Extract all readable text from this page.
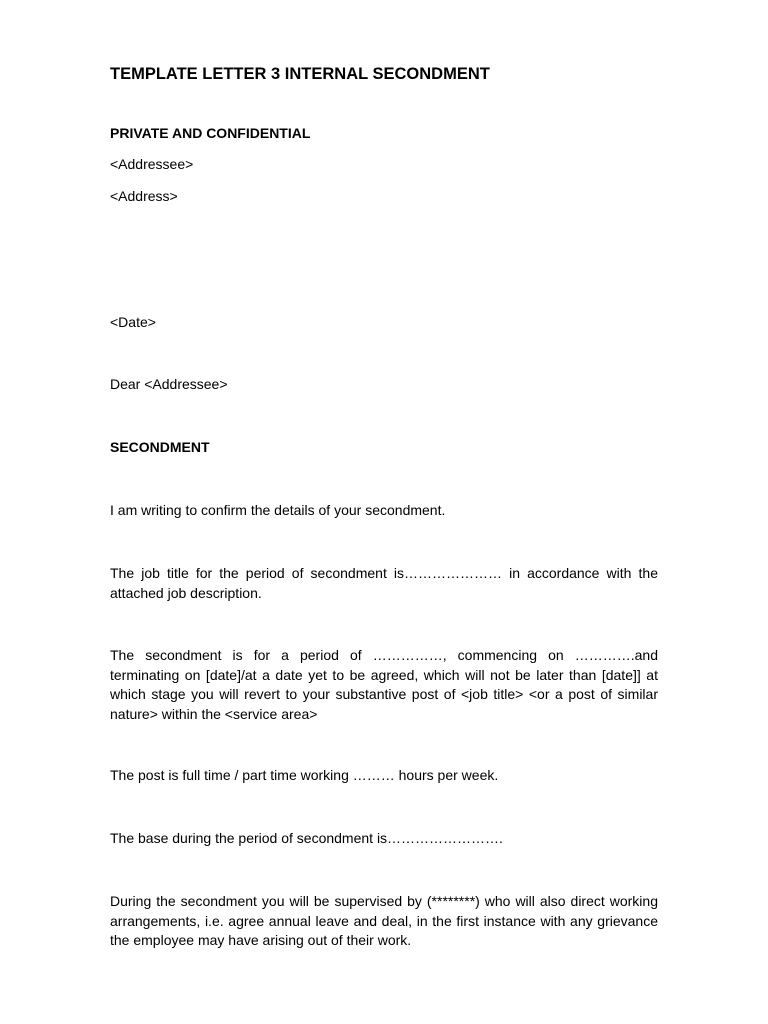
TEMPLATE LETTER 3 INTERNAL SECONDMENT

PRIVATE AND CONFIDENTIAL

<Addressee>

<Address>

<Date>

Dear <Addressee>

SECONDMENT

I am writing to confirm the details of your secondment.

The job title for the period of secondment is………………… in accordance with the attached job description.

The secondment is for a period of ……………, commencing on ………….and terminating on [date]/at a date yet to be agreed, which will not be later than [date]] at which stage you will revert to your substantive post of <job title> <or a post of similar nature> within the <service area>

The post is full time / part time working ……… hours per week.

The base during the period of secondment is…………………….

During the secondment you will be supervised by (********) who will also direct working arrangements, i.e. agree annual leave and deal, in the first instance with any grievance the employee may have arising out of their work.
